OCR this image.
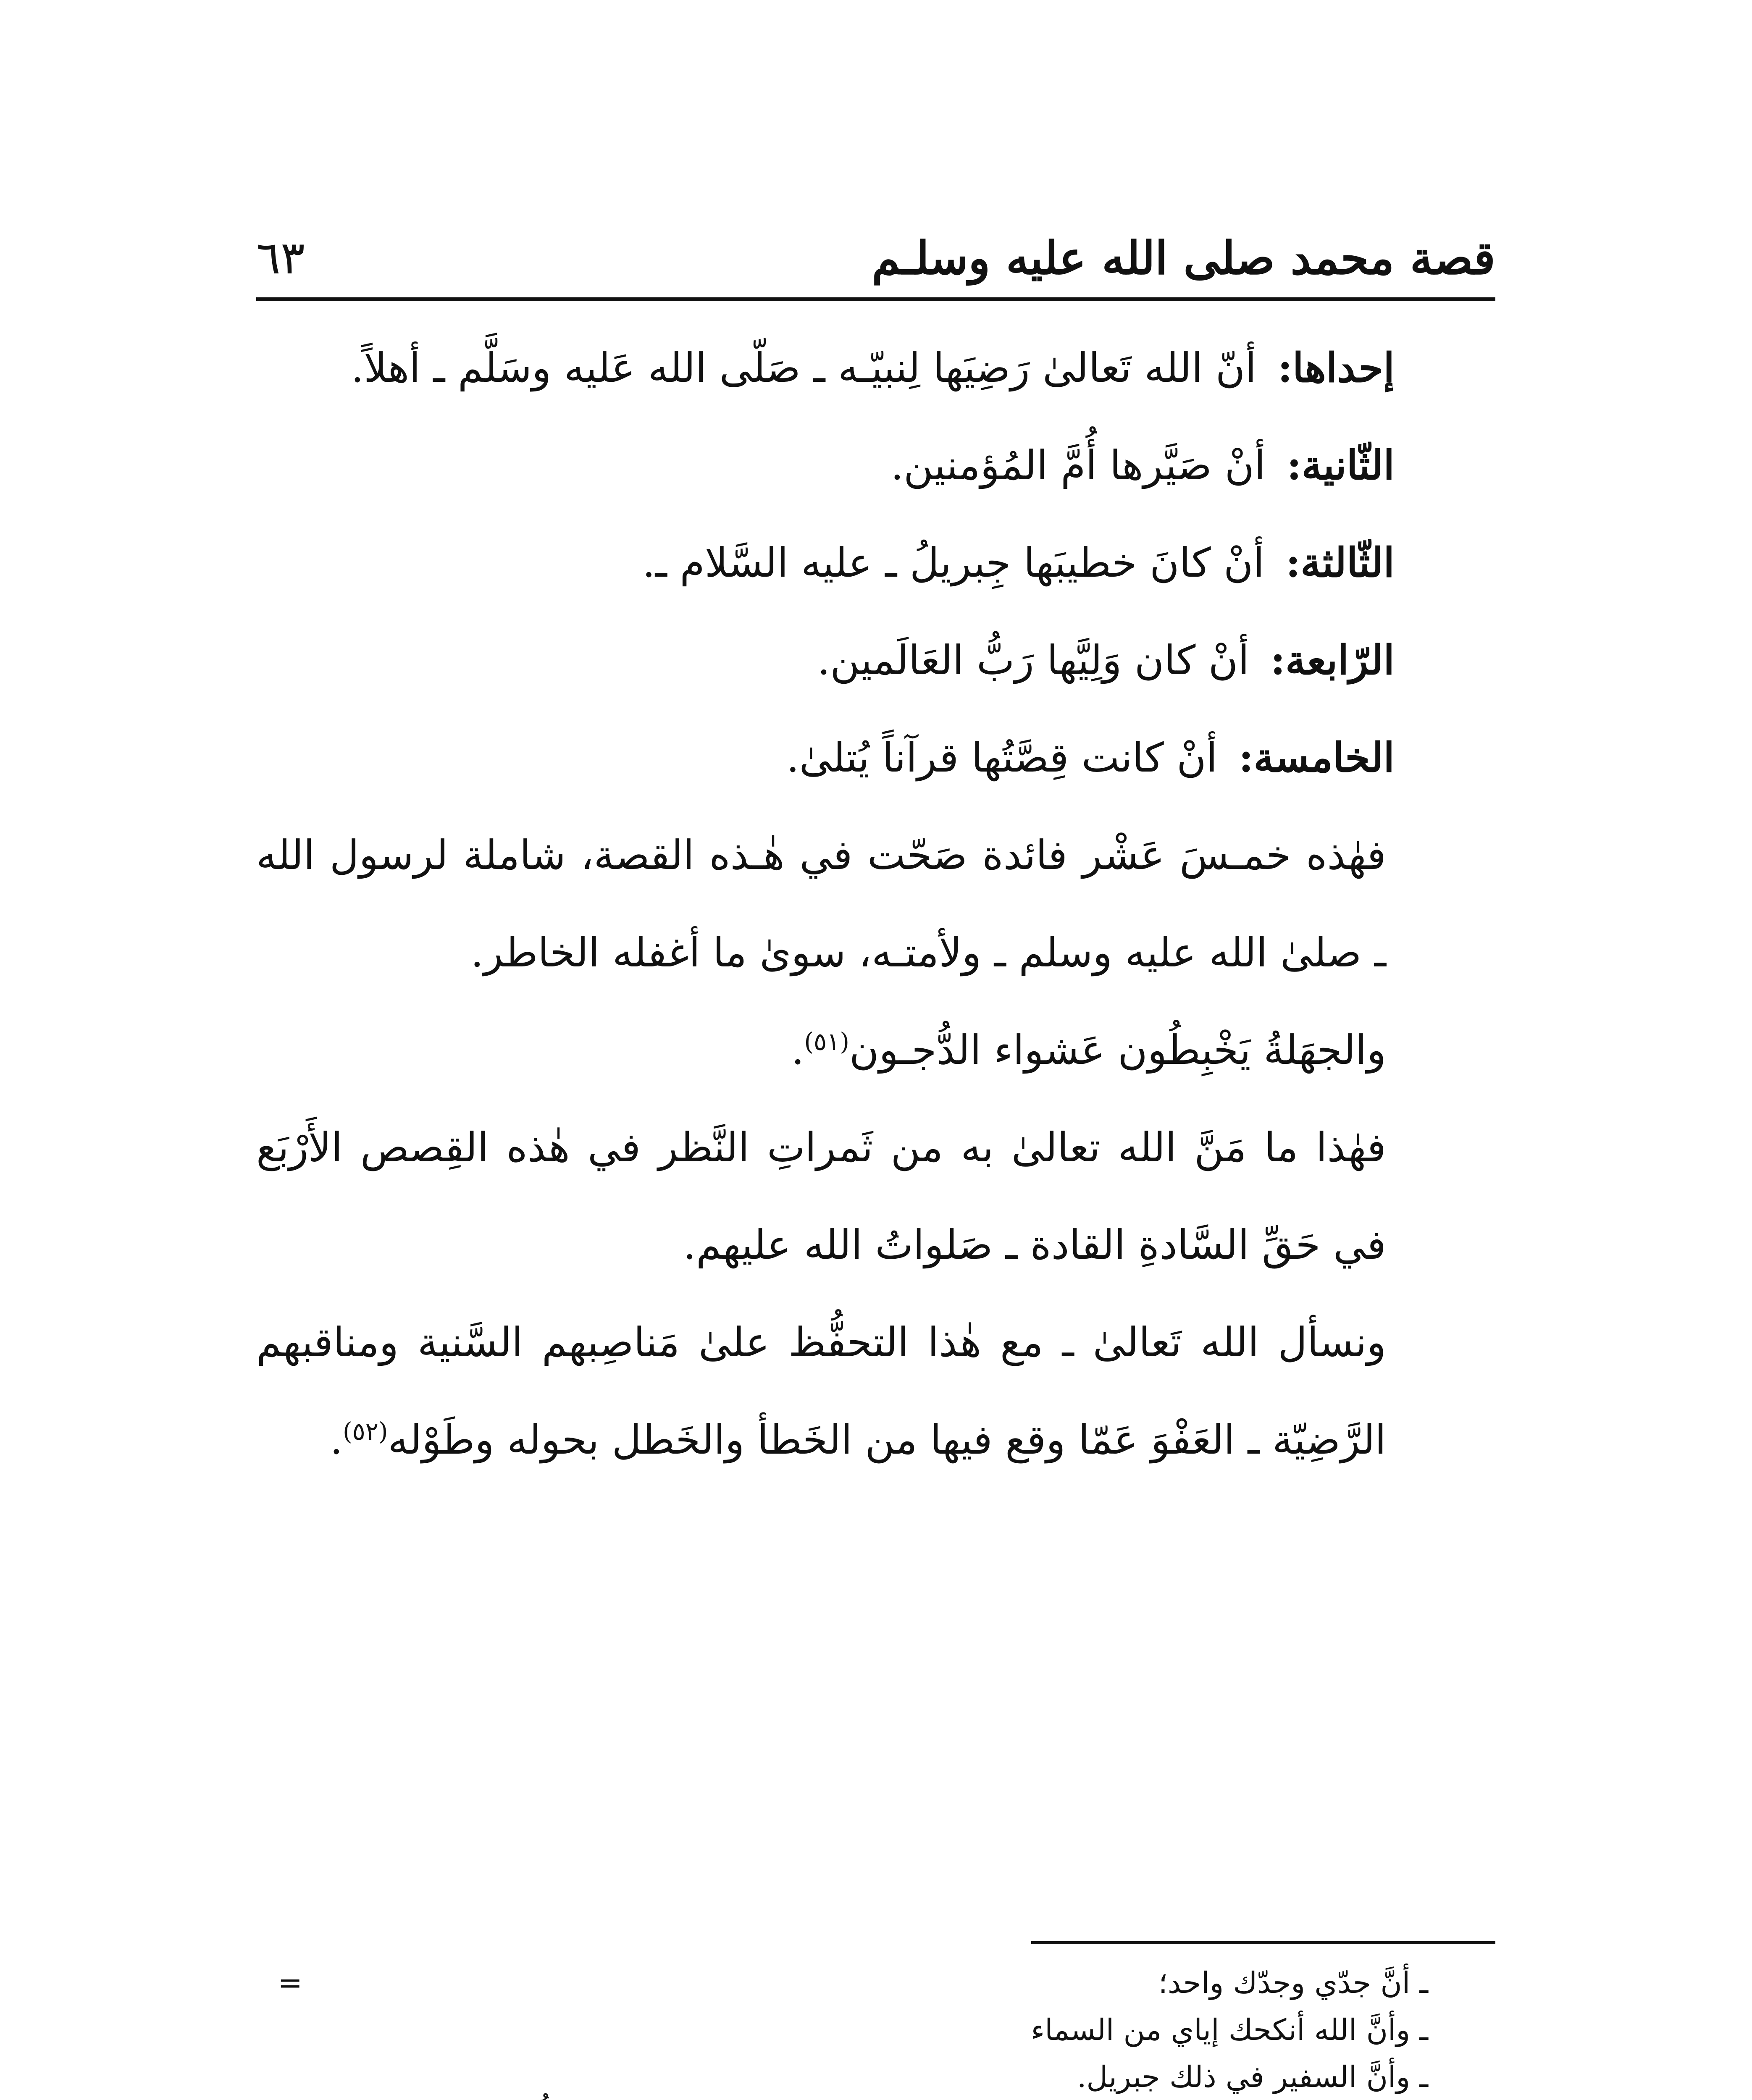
قصة محمد صلى الله عليه وسلـم
٦٣

إحداها: أنّ الله تَعالىٰ رَضِيَها لِنبيّـه ـ صَلّى الله عَليه وسَلَّم ـ أهلاً.

الثّانية: أنْ صَيَّرها أُمَّ المُؤمنين.

الثّالثة: أنْ كانَ خطيبَها جِبريلُ ـ عليه السَّلام ـ.

الرّابعة: أنْ كان وَلِيَّها رَبُّ العَالَمين.

الخامسة: أنْ كانت قِصَّتُها قرآناً يُتلىٰ.

فهٰذه خمـسَ عَشْر فائدة صَحّت في هٰـذه القصة، شاملة لرسول الله ـ صلىٰ الله عليه وسلم ـ ولأمتـه، سوىٰ ما أغفله الخاطر.

والجهَلةُ يَخْبِطُون عَشواء الدُّجـون$^{(٥١)}$.

فهٰذا ما مَنَّ الله تعالىٰ به من ثَمراتِ النَّظر في هٰذه القِصص الأَرْبَع في حَقِّ السَّادةِ القادة ـ صَلواتُ الله عليهم.

ونسأل الله تَعالىٰ ـ مع هٰذا التحفُّظ علىٰ مَناصِبهم السَّنية ومناقبهم الرَّضِيّة ـ العَفْوَ عَمّا وقع فيها من الخَطأ والخَطل بحوله وطَوْله$^{(٥٢)}$.

ـ أنَّ جدّي وجدّك واحد؛
=

ـ وأنَّ الله أنكحك إياي من السماء

ـ وأنَّ السفير في ذلك جبريل.
